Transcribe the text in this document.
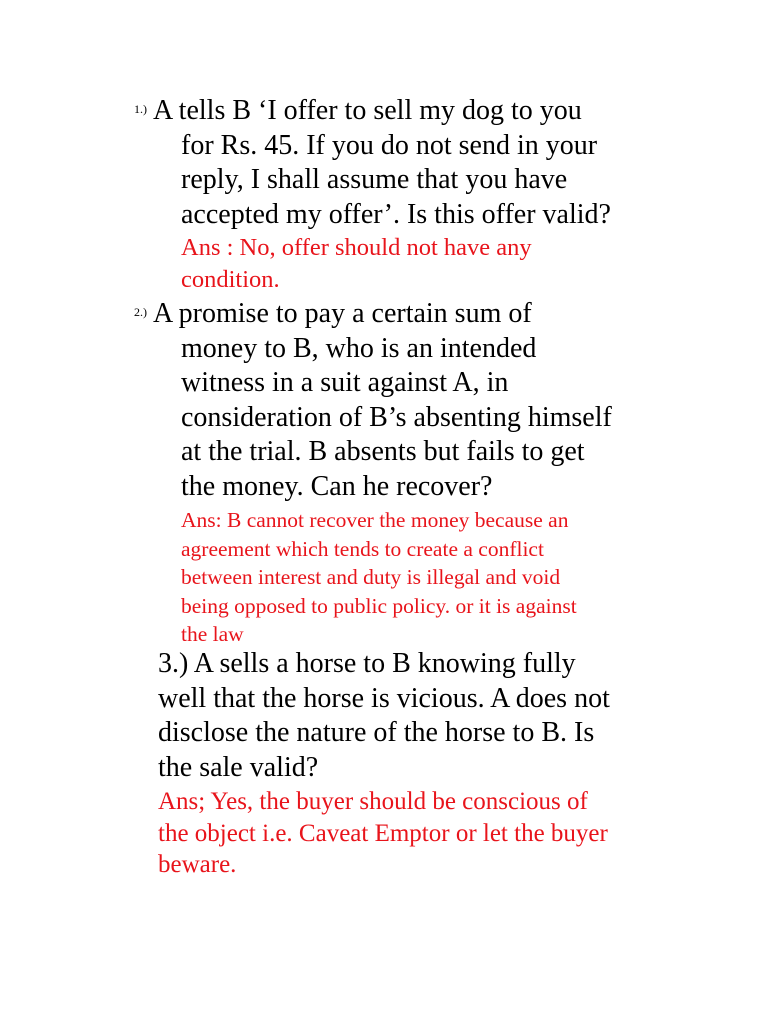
$^{1.)}$ A tells B ‘I offer to sell my dog to you
for Rs. 45. If you do not send in your
reply, I shall assume that you have
accepted my offer’. Is this offer valid?
Ans : No, offer should not have any
condition.
$^{2.)}$ A promise to pay a certain sum of
money to B, who is an intended
witness in a suit against A, in
consideration of B’s absenting himself
at the trial. B absents but fails to get
the money. Can he recover?
Ans: B cannot recover the money because an
agreement which tends to create a conflict
between interest and duty is illegal and void
being opposed to public policy. or it is against
the law
3.) A sells a horse to B knowing fully
well that the horse is vicious. A does not
disclose the nature of the horse to B. Is
the sale valid?
Ans; Yes, the buyer should be conscious of
the object i.e. Caveat Emptor or let the buyer
beware.
